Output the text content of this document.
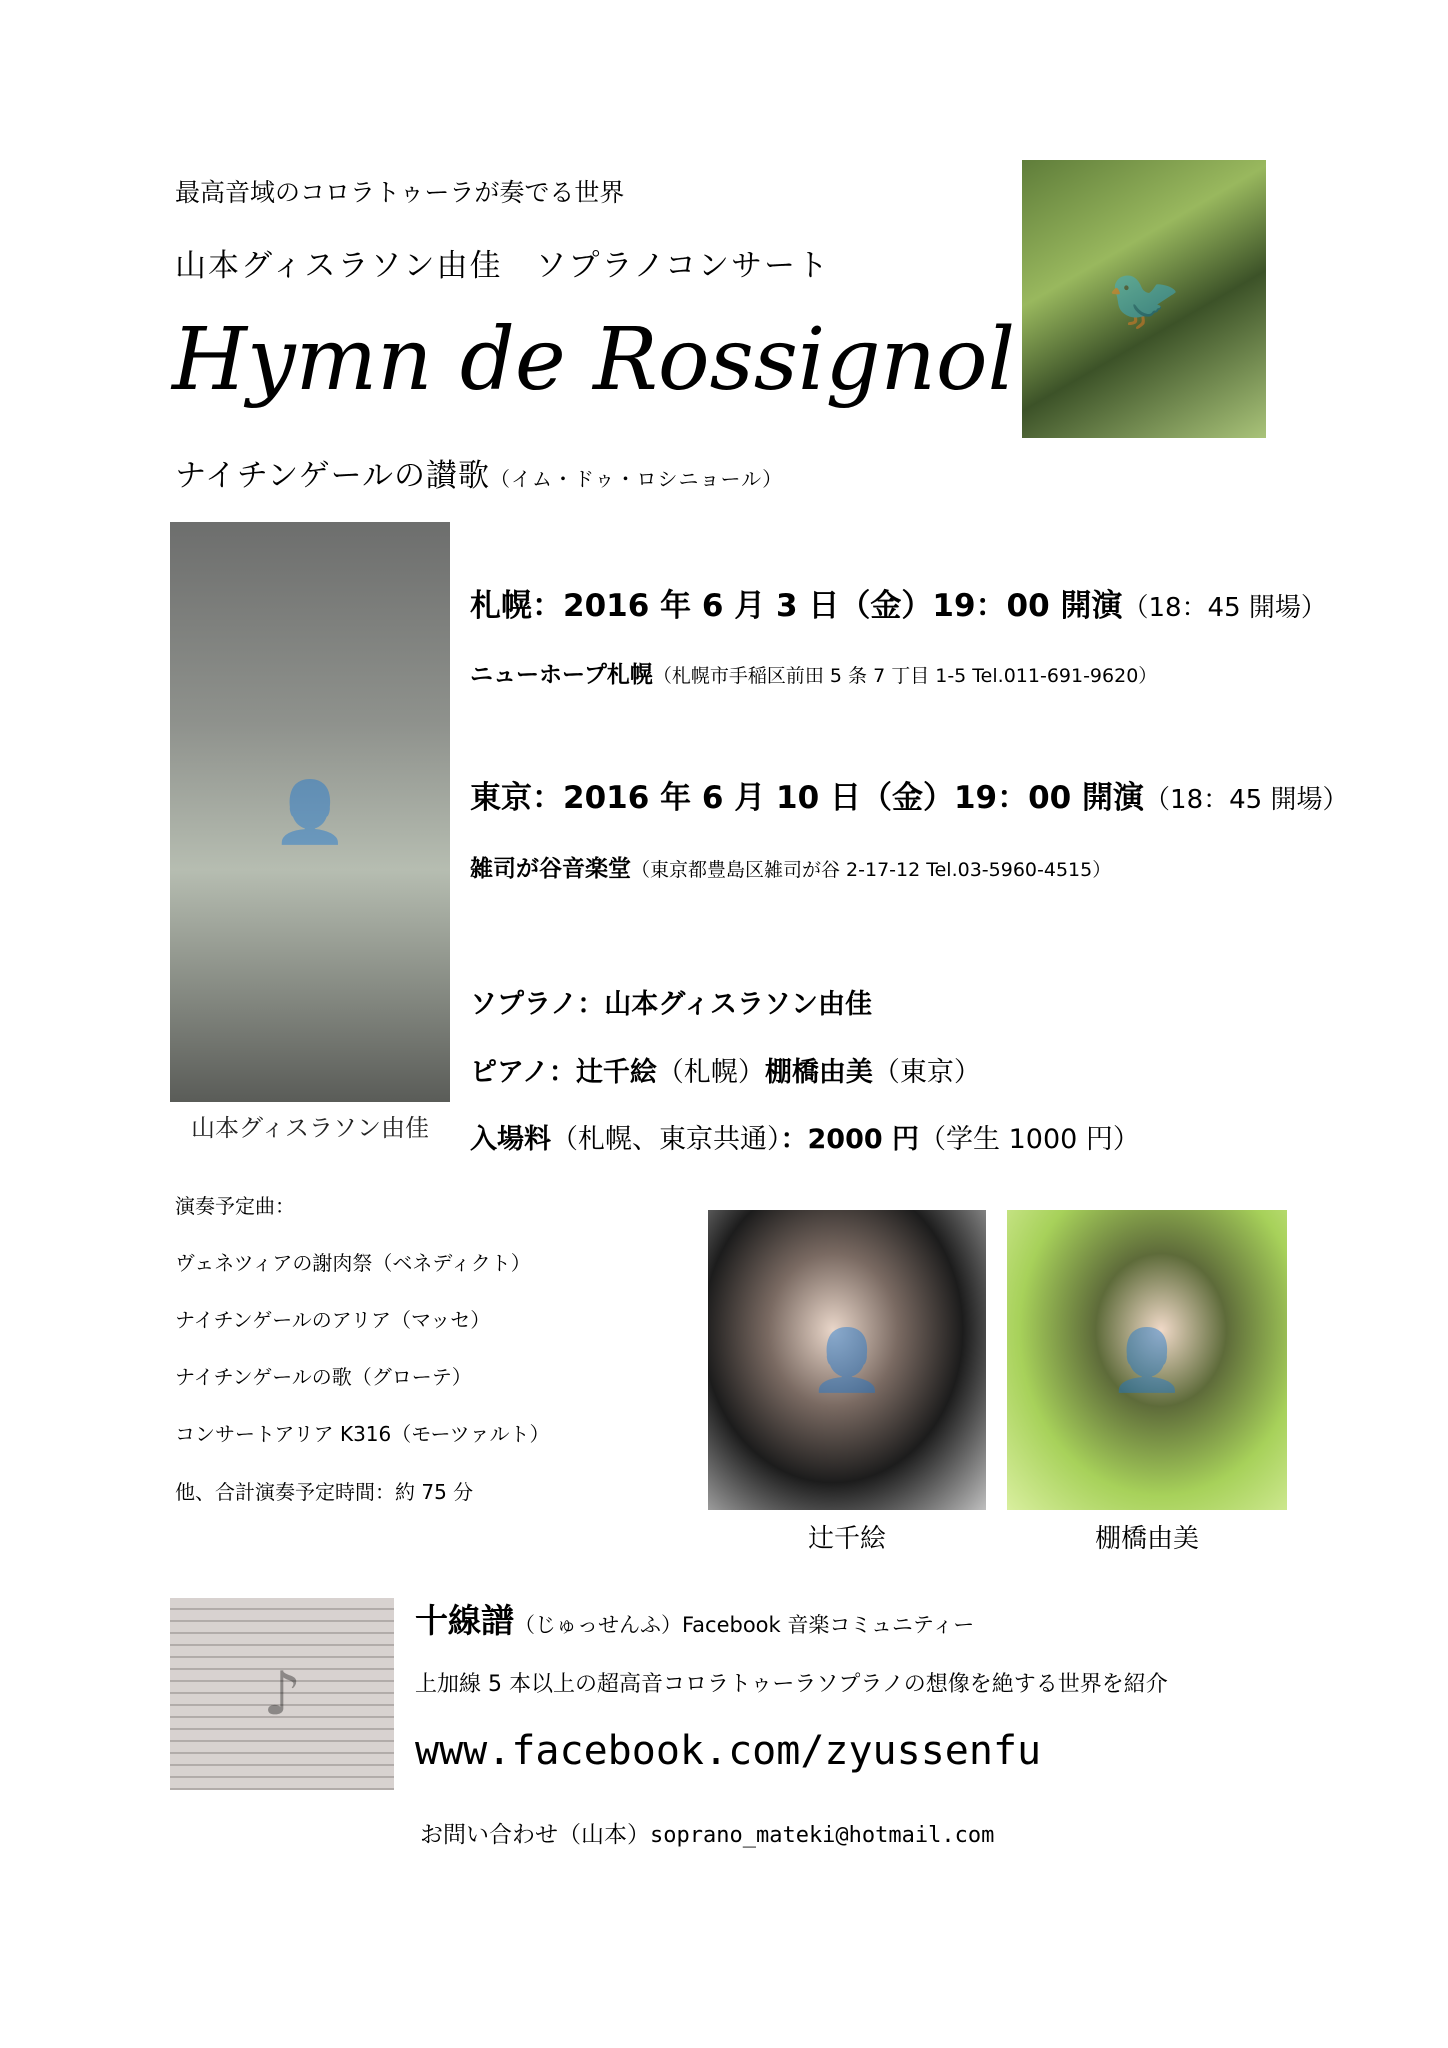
最高音域のコロラトゥーラが奏でる世界
山本グィスラソン由佳　ソプラノコンサート
Hymn de Rossignol
ナイチンゲールの讃歌（イム・ドゥ・ロシニョール）
🐦
👤
山本グィスラソン由佳
札幌：2016 年 6 月 3 日（金）19：00 開演（18：45 開場）
ニューホープ札幌（札幌市手稲区前田 5 条 7 丁目 1-5 Tel.011-691-9620）
東京：2016 年 6 月 10 日（金）19：00 開演（18：45 開場）
雑司が谷音楽堂（東京都豊島区雑司が谷 2-17-12 Tel.03-5960-4515）
ソプラノ：山本グィスラソン由佳
ピアノ：辻千絵（札幌）棚橋由美（東京）
入場料（札幌、東京共通）：2000 円（学生 1000 円）
演奏予定曲：
ヴェネツィアの謝肉祭（ベネディクト）
ナイチンゲールのアリア（マッセ）
ナイチンゲールの歌（グローテ）
コンサートアリア K316（モーツァルト）
他、合計演奏予定時間：約 75 分
👤
辻千絵
👤
棚橋由美
♪
十線譜（じゅっせんふ）Facebook 音楽コミュニティー
上加線 5 本以上の超高音コロラトゥーラソプラノの想像を絶する世界を紹介
www.facebook.com/zyussenfu
お問い合わせ（山本）soprano_mateki@hotmail.com
